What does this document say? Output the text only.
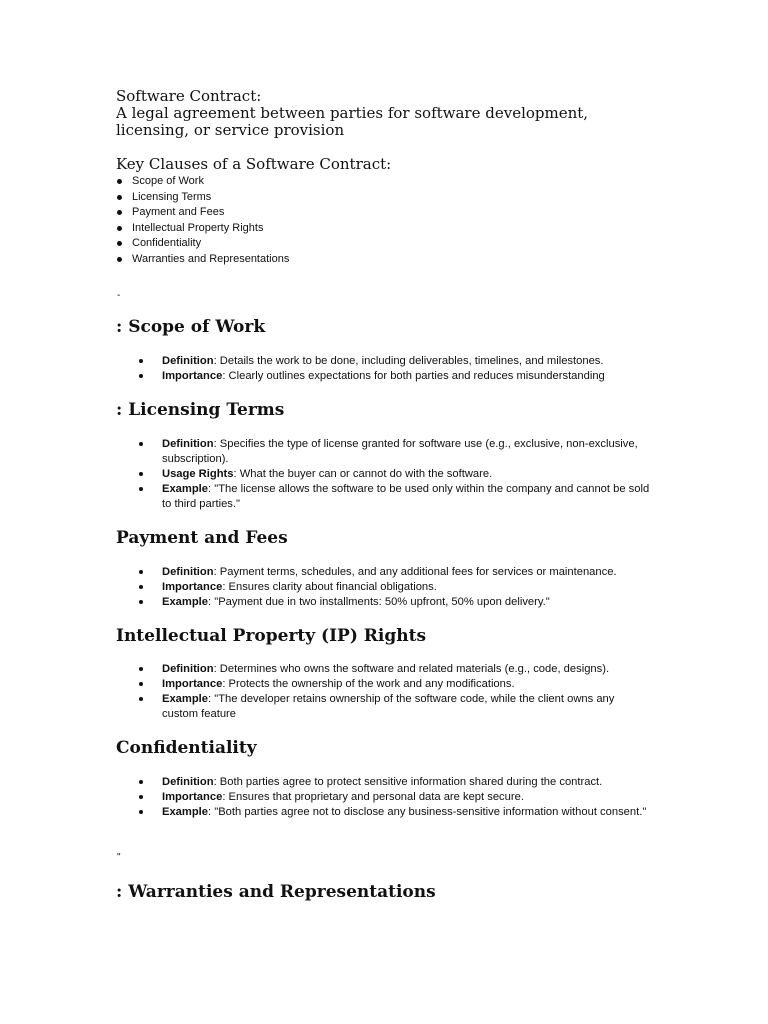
Software Contract:
A legal agreement between parties for software development,
licensing, or service provision
Key Clauses of a Software Contract:
Scope of Work
Licensing Terms
Payment and Fees
Intellectual Property Rights
Confidentiality
Warranties and Representations
-
: Scope of Work
Definition: Details the work to be done, including deliverables, timelines, and milestones.
Importance: Clearly outlines expectations for both parties and reduces misunderstanding
: Licensing Terms
Definition: Specifies the type of license granted for software use (e.g., exclusive, non-exclusive, subscription).
Usage Rights: What the buyer can or cannot do with the software.
Example: "The license allows the software to be used only within the company and cannot be sold to third parties."
Payment and Fees
Definition: Payment terms, schedules, and any additional fees for services or maintenance.
Importance: Ensures clarity about financial obligations.
Example: "Payment due in two installments: 50% upfront, 50% upon delivery."
Intellectual Property (IP) Rights
Definition: Determines who owns the software and related materials (e.g., code, designs).
Importance: Protects the ownership of the work and any modifications.
Example: "The developer retains ownership of the software code, while the client owns any custom feature
Confidentiality
Definition: Both parties agree to protect sensitive information shared during the contract.
Importance: Ensures that proprietary and personal data are kept secure.
Example: "Both parties agree not to disclose any business-sensitive information without consent."
"
: Warranties and Representations
